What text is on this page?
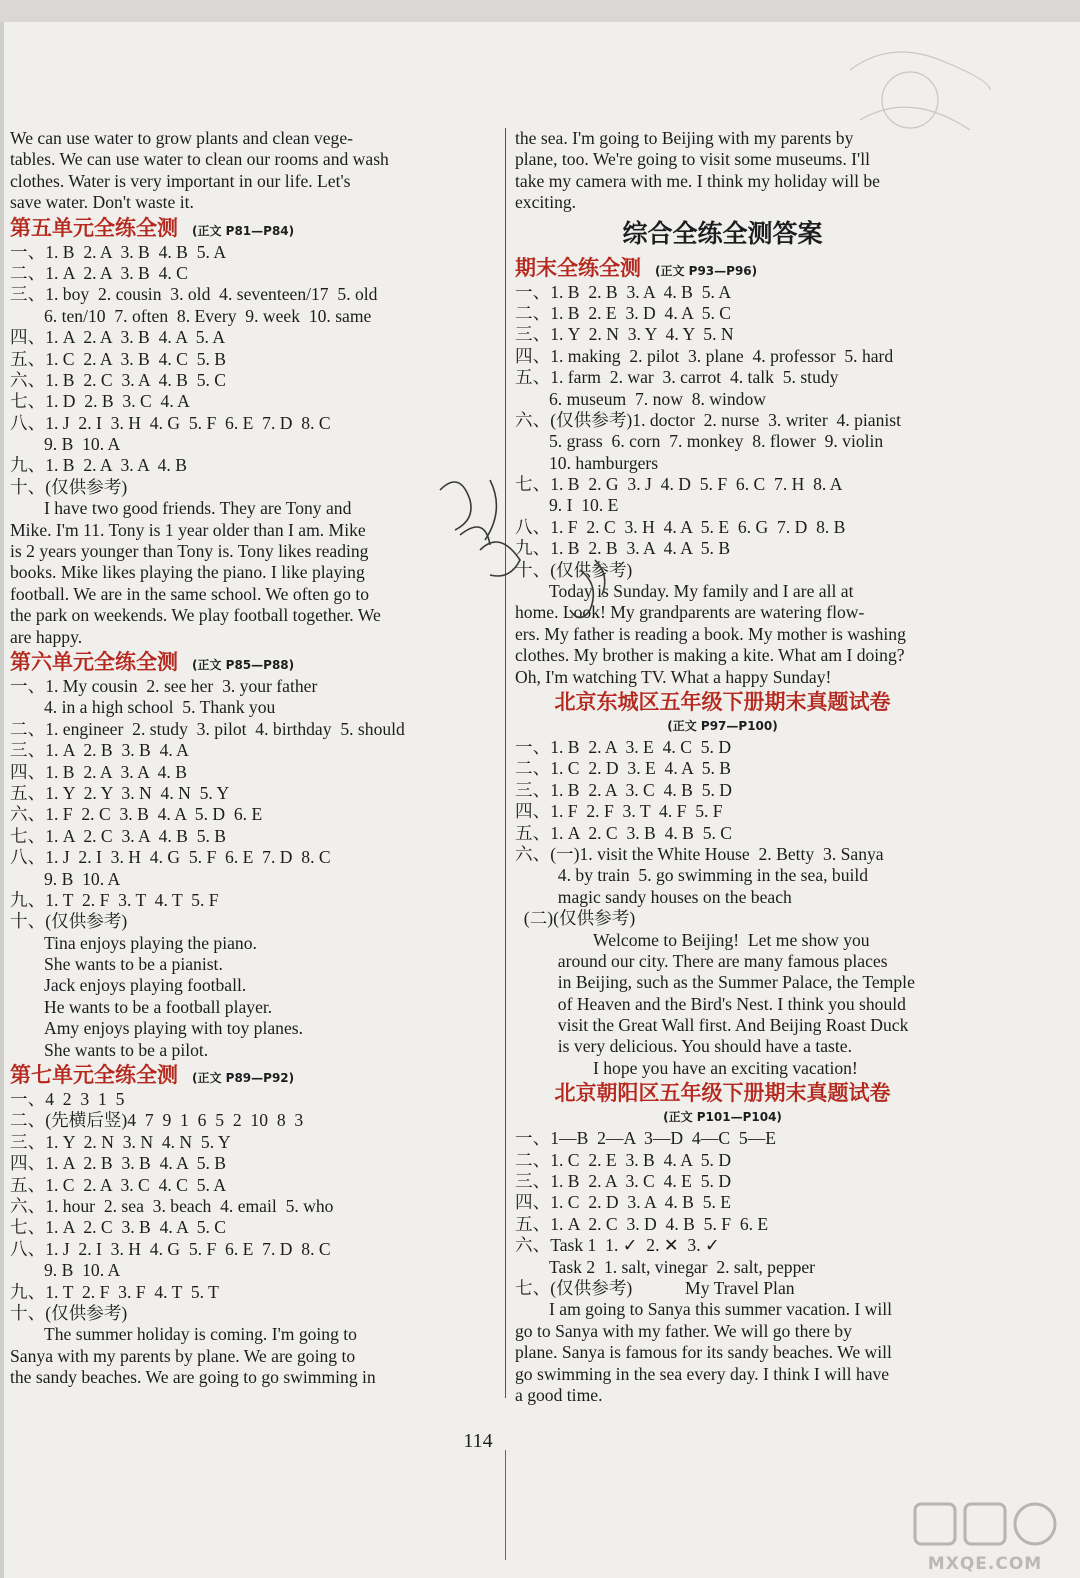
We can use water to grow plants and clean vege-
tables. We can use water to clean our rooms and wash
clothes. Water is very important in our life. Let's
save water. Don't waste it.
第五单元全练全测 (正文 P81—P84)
一、1. B  2. A  3. B  4. B  5. A
二、1. A  2. A  3. B  4. C
三、1. boy  2. cousin  3. old  4. seventeen/17  5. old
6. ten/10  7. often  8. Every  9. week  10. same
四、1. A  2. A  3. B  4. A  5. A
五、1. C  2. A  3. B  4. C  5. B
六、1. B  2. C  3. A  4. B  5. C
七、1. D  2. B  3. C  4. A
八、1. J  2. I  3. H  4. G  5. F  6. E  7. D  8. C
9. B  10. A
九、1. B  2. A  3. A  4. B
十、(仅供参考)
I have two good friends. They are Tony and
Mike. I'm 11. Tony is 1 year older than I am. Mike
is 2 years younger than Tony is. Tony likes reading
books. Mike likes playing the piano. I like playing
football. We are in the same school. We often go to
the park on weekends. We play football together. We
are happy.
第六单元全练全测 (正文 P85—P88)
一、1. My cousin  2. see her  3. your father
4. in a high school  5. Thank you
二、1. engineer  2. study  3. pilot  4. birthday  5. should
三、1. A  2. B  3. B  4. A
四、1. B  2. A  3. A  4. B
五、1. Y  2. Y  3. N  4. N  5. Y
六、1. F  2. C  3. B  4. A  5. D  6. E
七、1. A  2. C  3. A  4. B  5. B
八、1. J  2. I  3. H  4. G  5. F  6. E  7. D  8. C
9. B  10. A
九、1. T  2. F  3. T  4. T  5. F
十、(仅供参考)
Tina enjoys playing the piano.
She wants to be a pianist.
Jack enjoys playing football.
He wants to be a football player.
Amy enjoys playing with toy planes.
She wants to be a pilot.
第七单元全练全测 (正文 P89—P92)
一、4  2  3  1  5
二、(先横后竖)4  7  9  1  6  5  2  10  8  3
三、1. Y  2. N  3. N  4. N  5. Y
四、1. A  2. B  3. B  4. A  5. B
五、1. C  2. A  3. C  4. C  5. A
六、1. hour  2. sea  3. beach  4. email  5. who
七、1. A  2. C  3. B  4. A  5. C
八、1. J  2. I  3. H  4. G  5. F  6. E  7. D  8. C
9. B  10. A
九、1. T  2. F  3. F  4. T  5. T
十、(仅供参考)
The summer holiday is coming. I'm going to
Sanya with my parents by plane. We are going to
the sandy beaches. We are going to go swimming in
the sea. I'm going to Beijing with my parents by
plane, too. We're going to visit some museums. I'll
take my camera with me. I think my holiday will be
exciting.
综合全练全测答案
期末全练全测 (正文 P93—P96)
一、1. B  2. B  3. A  4. B  5. A
二、1. B  2. E  3. D  4. A  5. C
三、1. Y  2. N  3. Y  4. Y  5. N
四、1. making  2. pilot  3. plane  4. professor  5. hard
五、1. farm  2. war  3. carrot  4. talk  5. study
6. museum  7. now  8. window
六、(仅供参考)1. doctor  2. nurse  3. writer  4. pianist
5. grass  6. corn  7. monkey  8. flower  9. violin
10. hamburgers
七、1. B  2. G  3. J  4. D  5. F  6. C  7. H  8. A
9. I  10. E
八、1. F  2. C  3. H  4. A  5. E  6. G  7. D  8. B
九、1. B  2. B  3. A  4. A  5. B
十、(仅供参考)
Today is Sunday. My family and I are all at
home. Look! My grandparents are watering flow-
ers. My father is reading a book. My mother is washing
clothes. My brother is making a kite. What am I doing?
Oh, I'm watching TV. What a happy Sunday!
北京东城区五年级下册期末真题试卷
(正文 P97—P100)
一、1. B  2. A  3. E  4. C  5. D
二、1. C  2. D  3. E  4. A  5. B
三、1. B  2. A  3. C  4. B  5. D
四、1. F  2. F  3. T  4. F  5. F
五、1. A  2. C  3. B  4. B  5. C
六、(一)1. visit the White House  2. Betty  3. Sanya
4. by train  5. go swimming in the sea, build
magic sandy houses on the beach
(二)(仅供参考)
Welcome to Beijing!  Let me show you
around our city. There are many famous places
in Beijing, such as the Summer Palace, the Temple
of Heaven and the Bird's Nest. I think you should
visit the Great Wall first. And Beijing Roast Duck
is very delicious. You should have a taste.
I hope you have an exciting vacation!
北京朝阳区五年级下册期末真题试卷
(正文 P101—P104)
一、1—B  2—A  3—D  4—C  5—E
二、1. C  2. E  3. B  4. A  5. D
三、1. B  2. A  3. C  4. E  5. D
四、1. C  2. D  3. A  4. B  5. E
五、1. A  2. C  3. D  4. B  5. F  6. E
六、Task 1  1. ✓  2. ✕  3. ✓
Task 2  1. salt, vinegar  2. salt, pepper
七、(仅供参考)            My Travel Plan
I am going to Sanya this summer vacation. I will
go to Sanya with my father. We will go there by
plane. Sanya is famous for its sandy beaches. We will
go swimming in the sea every day. I think I will have
a good time.
114
MXQE.COM
